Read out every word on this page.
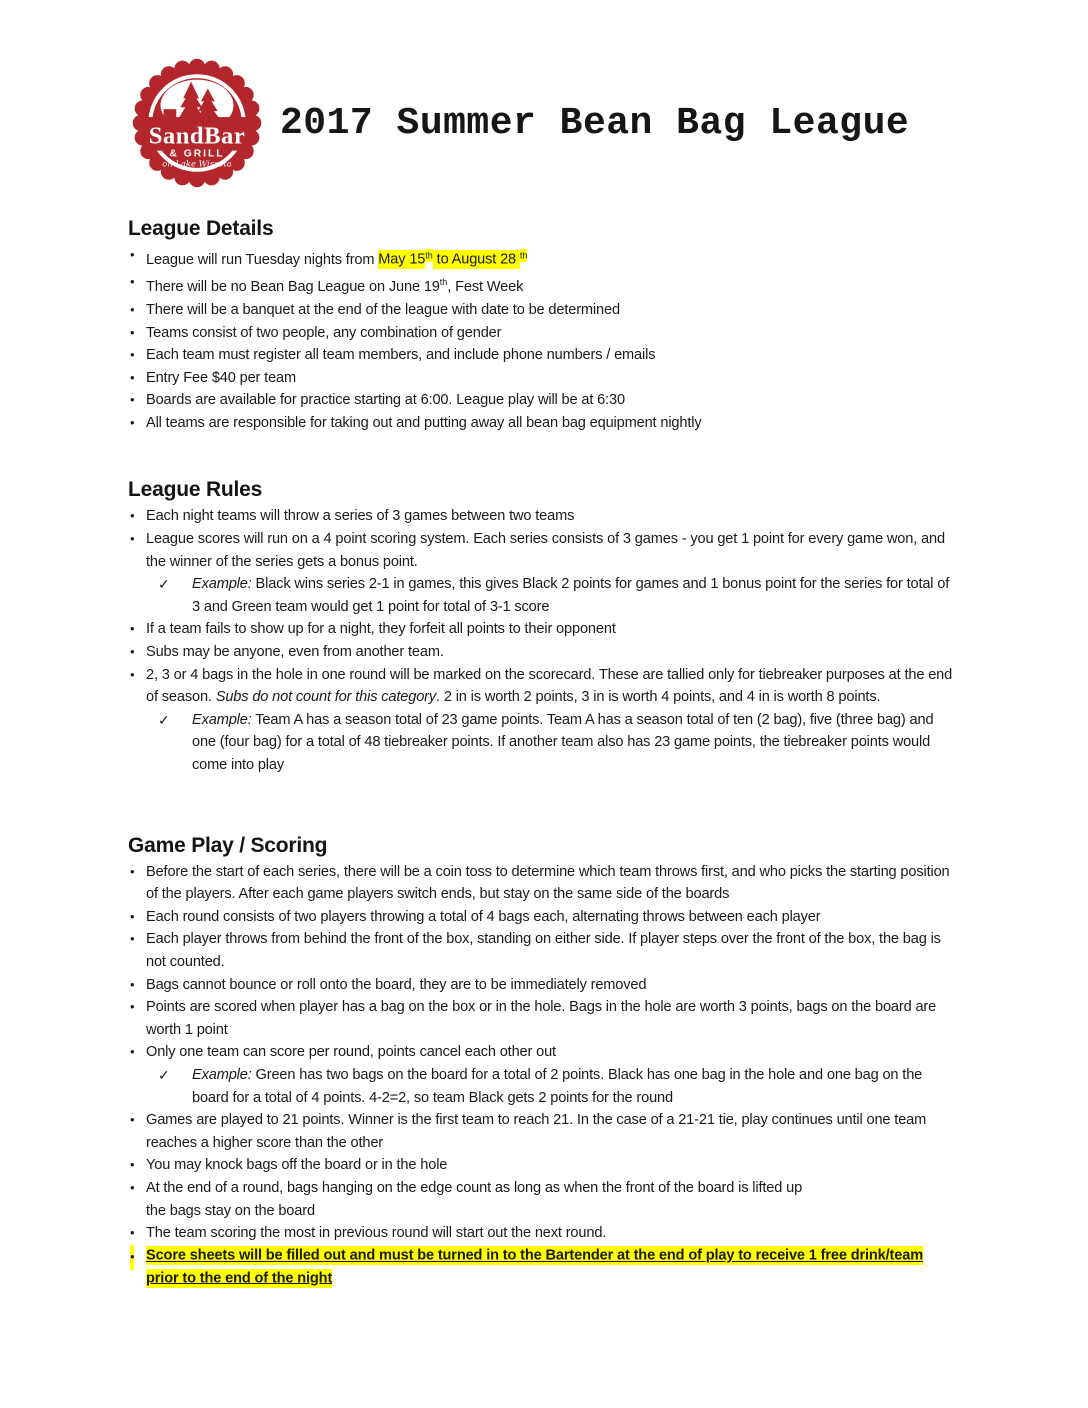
SandBar
& GRILL
on Lake Wissota
2017 Summer Bean Bag League
League Details
• League will run Tuesday nights from May 15th to August 28 $^{th}$
• There will be no Bean Bag League on June 19th, Fest Week
• There will be a banquet at the end of the league with date to be determined
• Teams consist of two people, any combination of gender
• Each team must register all team members, and include phone numbers / emails
• Entry Fee $40 per team
• Boards are available for practice starting at 6:00. League play will be at 6:30
• All teams are responsible for taking out and putting away all bean bag equipment nightly
League Rules
• Each night teams will throw a series of 3 games between two teams
• League scores will run on a 4 point scoring system. Each series consists of 3 games - you get 1 point for every game won, and the winner of the series gets a bonus point.
✓ Example: Black wins series 2-1 in games, this gives Black 2 points for games and 1 bonus point for the series for total of 3 and Green team would get 1 point for total of 3-1 score
• If a team fails to show up for a night, they forfeit all points to their opponent
• Subs may be anyone, even from another team.
• 2, 3 or 4 bags in the hole in one round will be marked on the scorecard. These are tallied only for tiebreaker purposes at the end of season. Subs do not count for this category. 2 in is worth 2 points, 3 in is worth 4 points, and 4 in is worth 8 points.
✓ Example: Team A has a season total of 23 game points. Team A has a season total of ten (2 bag), five (three bag) and one (four bag) for a total of 48 tiebreaker points. If another team also has 23 game points, the tiebreaker points would come into play
Game Play / Scoring
• Before the start of each series, there will be a coin toss to determine which team throws first, and who picks the starting position of the players. After each game players switch ends, but stay on the same side of the boards
• Each round consists of two players throwing a total of 4 bags each, alternating throws between each player
• Each player throws from behind the front of the box, standing on either side. If player steps over the front of the box, the bag is not counted.
• Bags cannot bounce or roll onto the board, they are to be immediately removed
• Points are scored when player has a bag on the box or in the hole. Bags in the hole are worth 3 points, bags on the board are worth 1 point
• Only one team can score per round, points cancel each other out
✓ Example: Green has two bags on the board for a total of 2 points. Black has one bag in the hole and one bag on the board for a total of 4 points. 4-2=2, so team Black gets 2 points for the round
• Games are played to 21 points. Winner is the first team to reach 21. In the case of a 21-21 tie, play continues until one team reaches a higher score than the other
• You may knock bags off the board or in the hole
• At the end of a round, bags hanging on the edge count as long as when the front of the board is lifted up
the bags stay on the board
• The team scoring the most in previous round will start out the next round.
• Score sheets will be filled out and must be turned in to the Bartender at the end of play to receive 1 free drink/team prior to the end of the night
